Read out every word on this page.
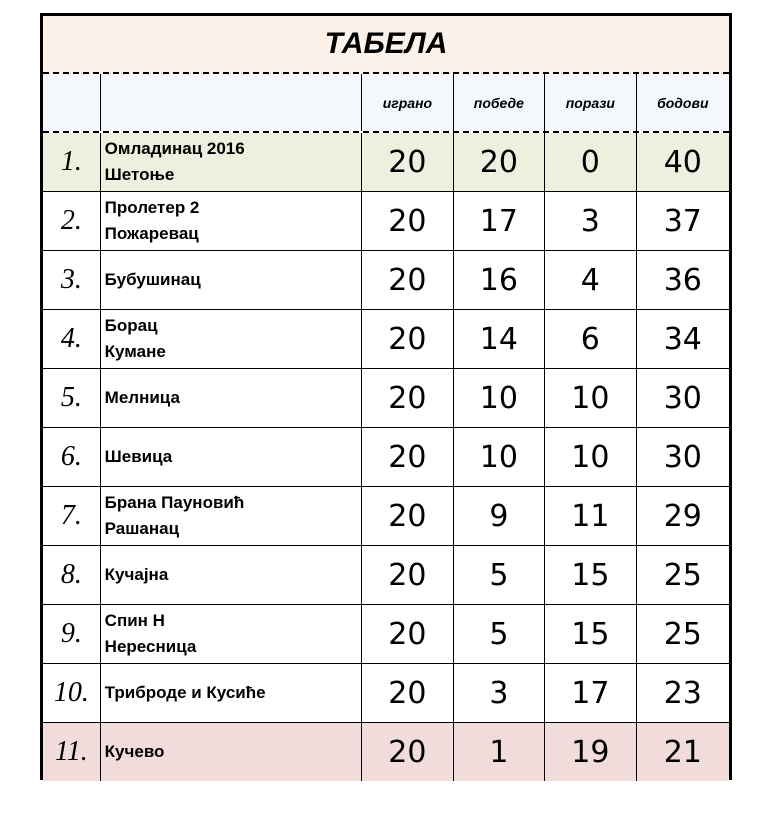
ТАБЕЛА
играно	победе	порази	бодови
1. Омладинац 2016
Шетоње	20 20 0 40
2. Пролетер 2
Пожаревац	20 17 3 37
3. Бубушинац	20 16 4 36
4. Борац
Кумане	20 14 6 34
5. Мелница	20 10 10 30
6. Шевица	20 10 10 30
7. Брана Пауновић
Рашанац	20 9 11 29
8. Кучајна	20 5 15 25
9. Спин Н
Нересница	20 5 15 25
10. Триброде и Кусиће	20 3 17 23
11. Кучево	20 1 19 21
